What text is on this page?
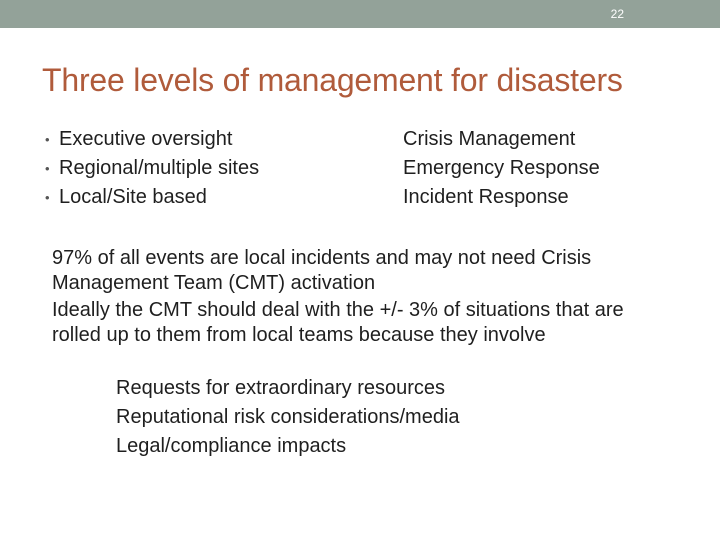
22
Three levels of management for disasters
• Executive oversight	Crisis Management
• Regional/multiple sites	Emergency Response
• Local/Site based	Incident Response
97% of all events are local incidents and may not need Crisis Management Team (CMT) activation
Ideally the CMT should deal with the +/- 3% of situations that are rolled up to them from local teams because they involve
Requests for extraordinary resources
Reputational risk considerations/media
Legal/compliance impacts
